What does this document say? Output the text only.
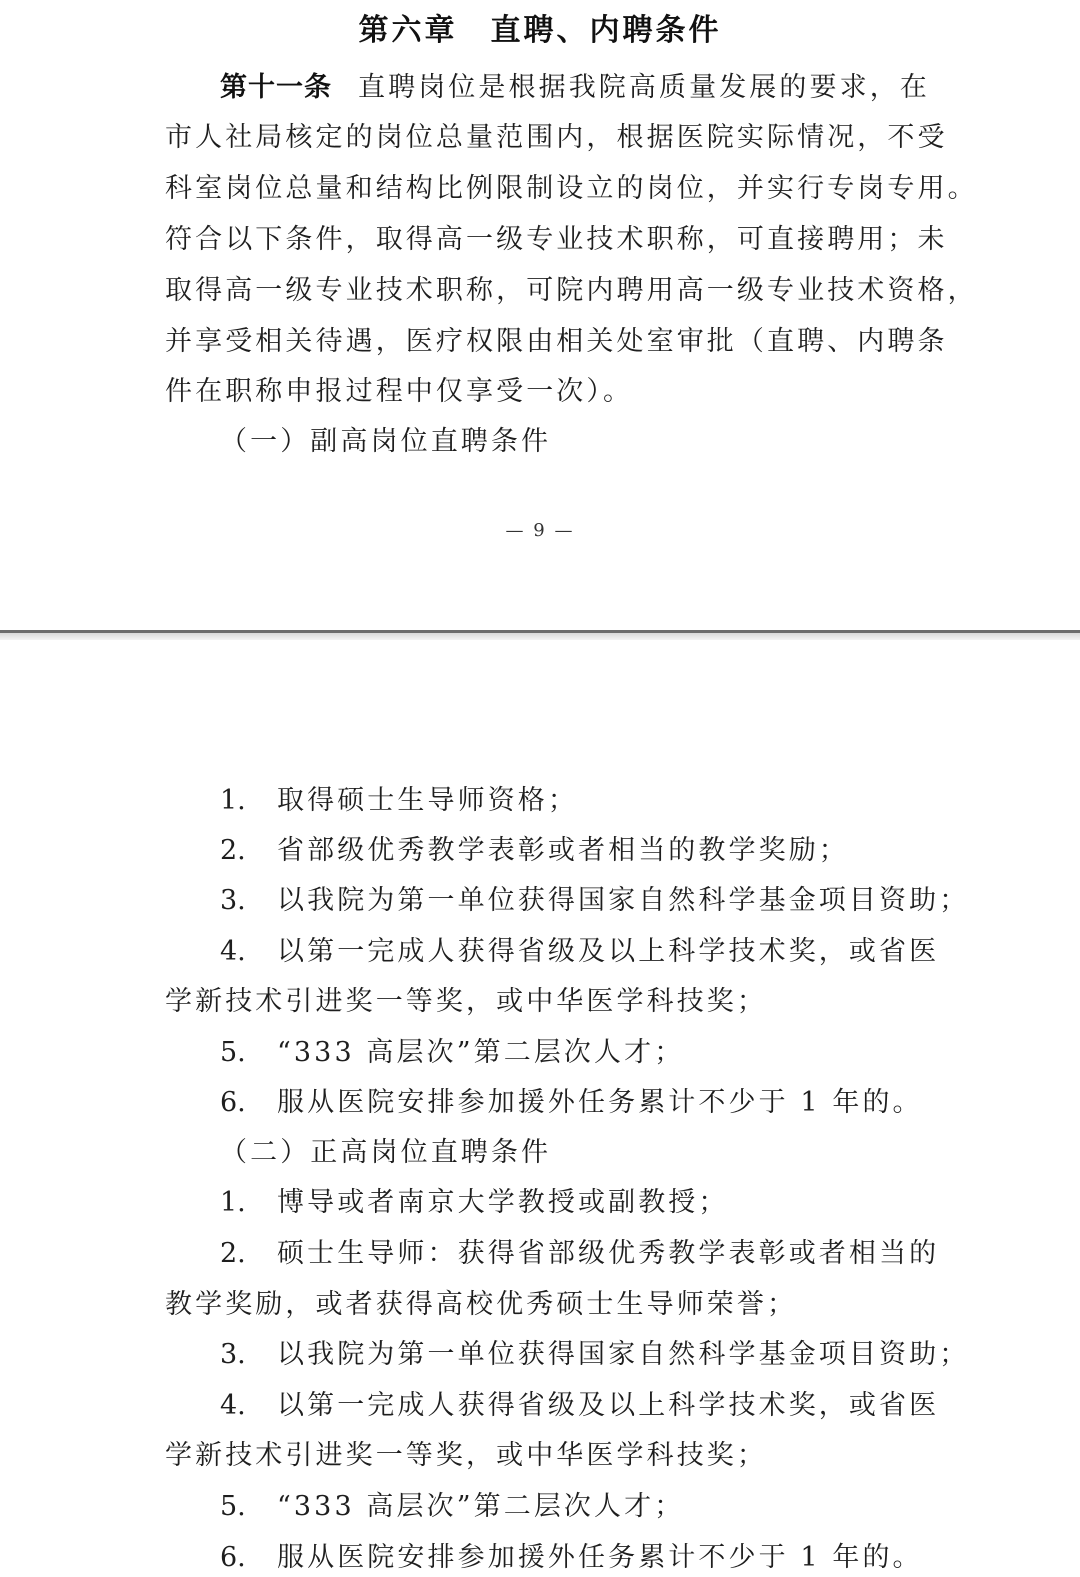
第六章　直聘、内聘条件
第十一条 直聘岗位是根据我院高质量发展的要求，在
市人社局核定的岗位总量范围内，根据医院实际情况，不受
科室岗位总量和结构比例限制设立的岗位，并实行专岗专用。
符合以下条件，取得高一级专业技术职称，可直接聘用；未
取得高一级专业技术职称，可院内聘用高一级专业技术资格，
并享受相关待遇，医疗权限由相关处室审批（直聘、内聘条
件在职称申报过程中仅享受一次）。
（一）副高岗位直聘条件
— 9 —
1. 取得硕士生导师资格；
2. 省部级优秀教学表彰或者相当的教学奖励；
3. 以我院为第一单位获得国家自然科学基金项目资助；
4. 以第一完成人获得省级及以上科学技术奖，或省医
学新技术引进奖一等奖，或中华医学科技奖；
5. “333 高层次”第二层次人才；
6. 服从医院安排参加援外任务累计不少于 1 年的。
（二）正高岗位直聘条件
1. 博导或者南京大学教授或副教授；
2. 硕士生导师：获得省部级优秀教学表彰或者相当的
教学奖励，或者获得高校优秀硕士生导师荣誉；
3. 以我院为第一单位获得国家自然科学基金项目资助；
4. 以第一完成人获得省级及以上科学技术奖，或省医
学新技术引进奖一等奖，或中华医学科技奖；
5. “333 高层次”第二层次人才；
6. 服从医院安排参加援外任务累计不少于 1 年的。
